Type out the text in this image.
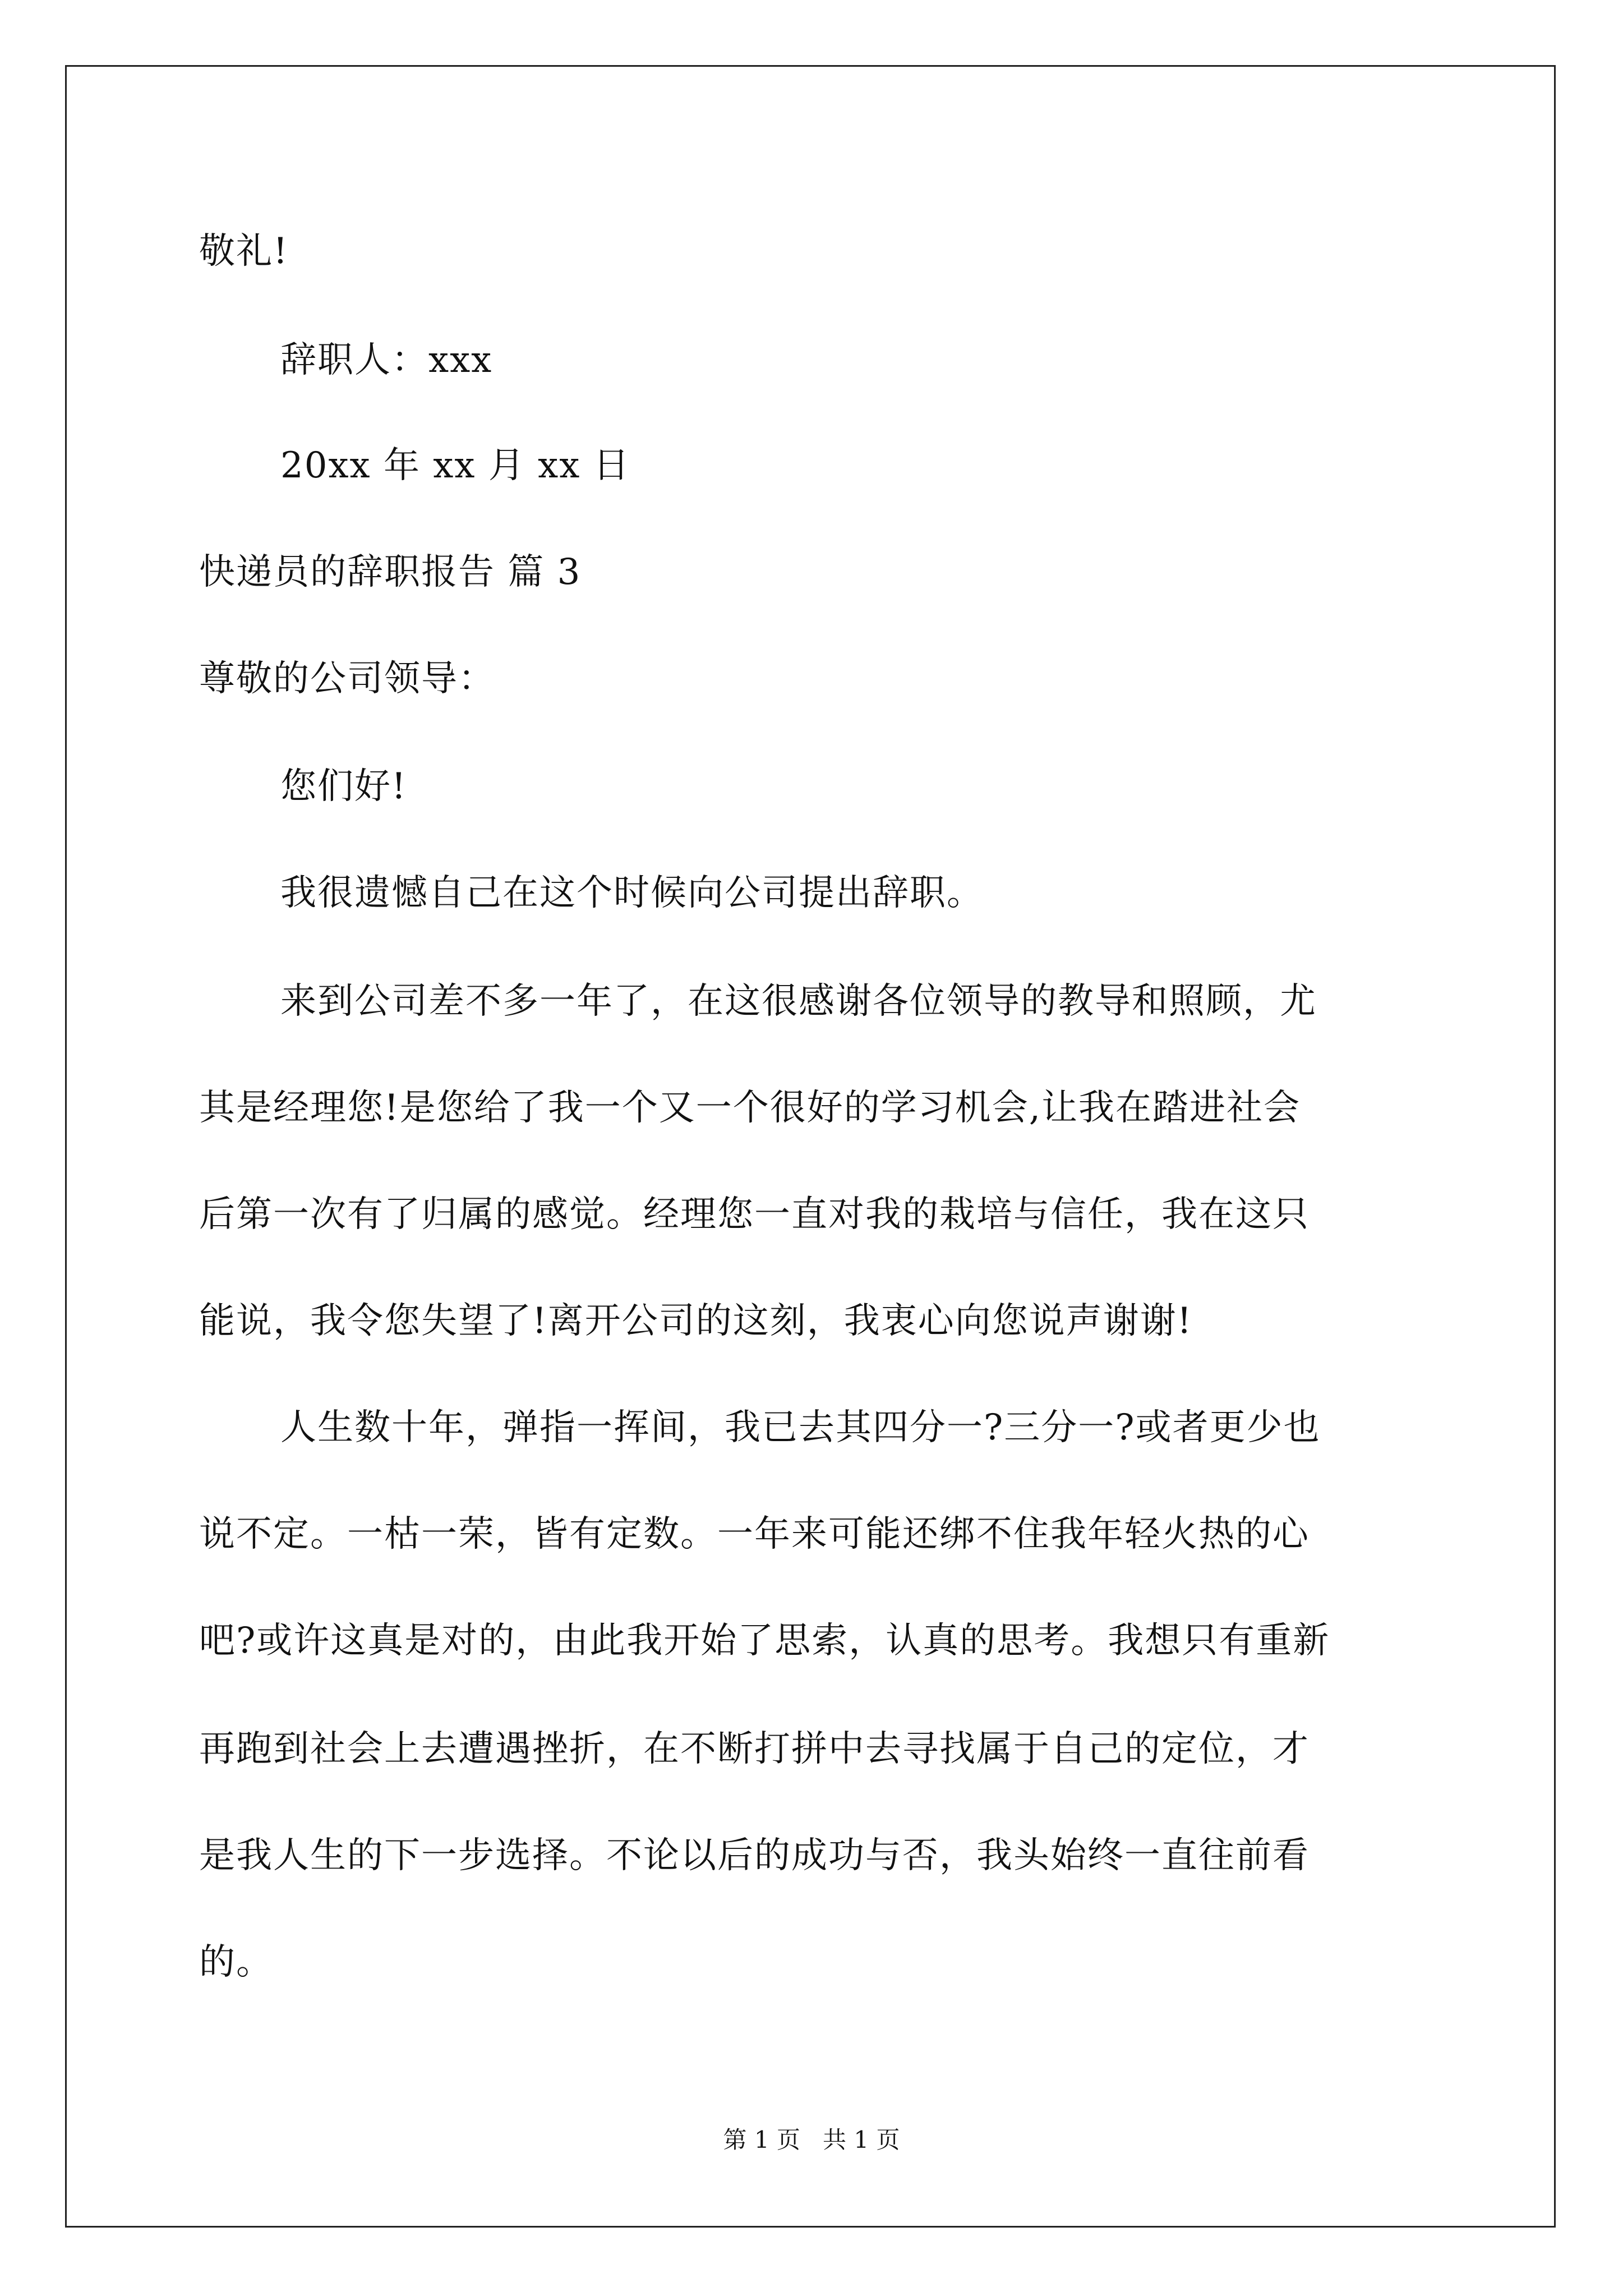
敬礼!
辞职人：xxx
20xx 年 xx 月 xx 日
快递员的辞职报告 篇 3
尊敬的公司领导：
您们好!
我很遗憾自己在这个时候向公司提出辞职。
来到公司差不多一年了，在这很感谢各位领导的教导和照顾，尤
其是经理您!是您给了我一个又一个很好的学习机会,让我在踏进社会
后第一次有了归属的感觉。经理您一直对我的栽培与信任，我在这只
能说，我令您失望了!离开公司的这刻，我衷心向您说声谢谢!
人生数十年，弹指一挥间，我已去其四分一?三分一?或者更少也
说不定。一枯一荣，皆有定数。一年来可能还绑不住我年轻火热的心
吧?或许这真是对的，由此我开始了思索，认真的思考。我想只有重新
再跑到社会上去遭遇挫折，在不断打拼中去寻找属于自己的定位，才
是我人生的下一步选择。不论以后的成功与否，我头始终一直往前看
的。
第 1 页   共 1 页
